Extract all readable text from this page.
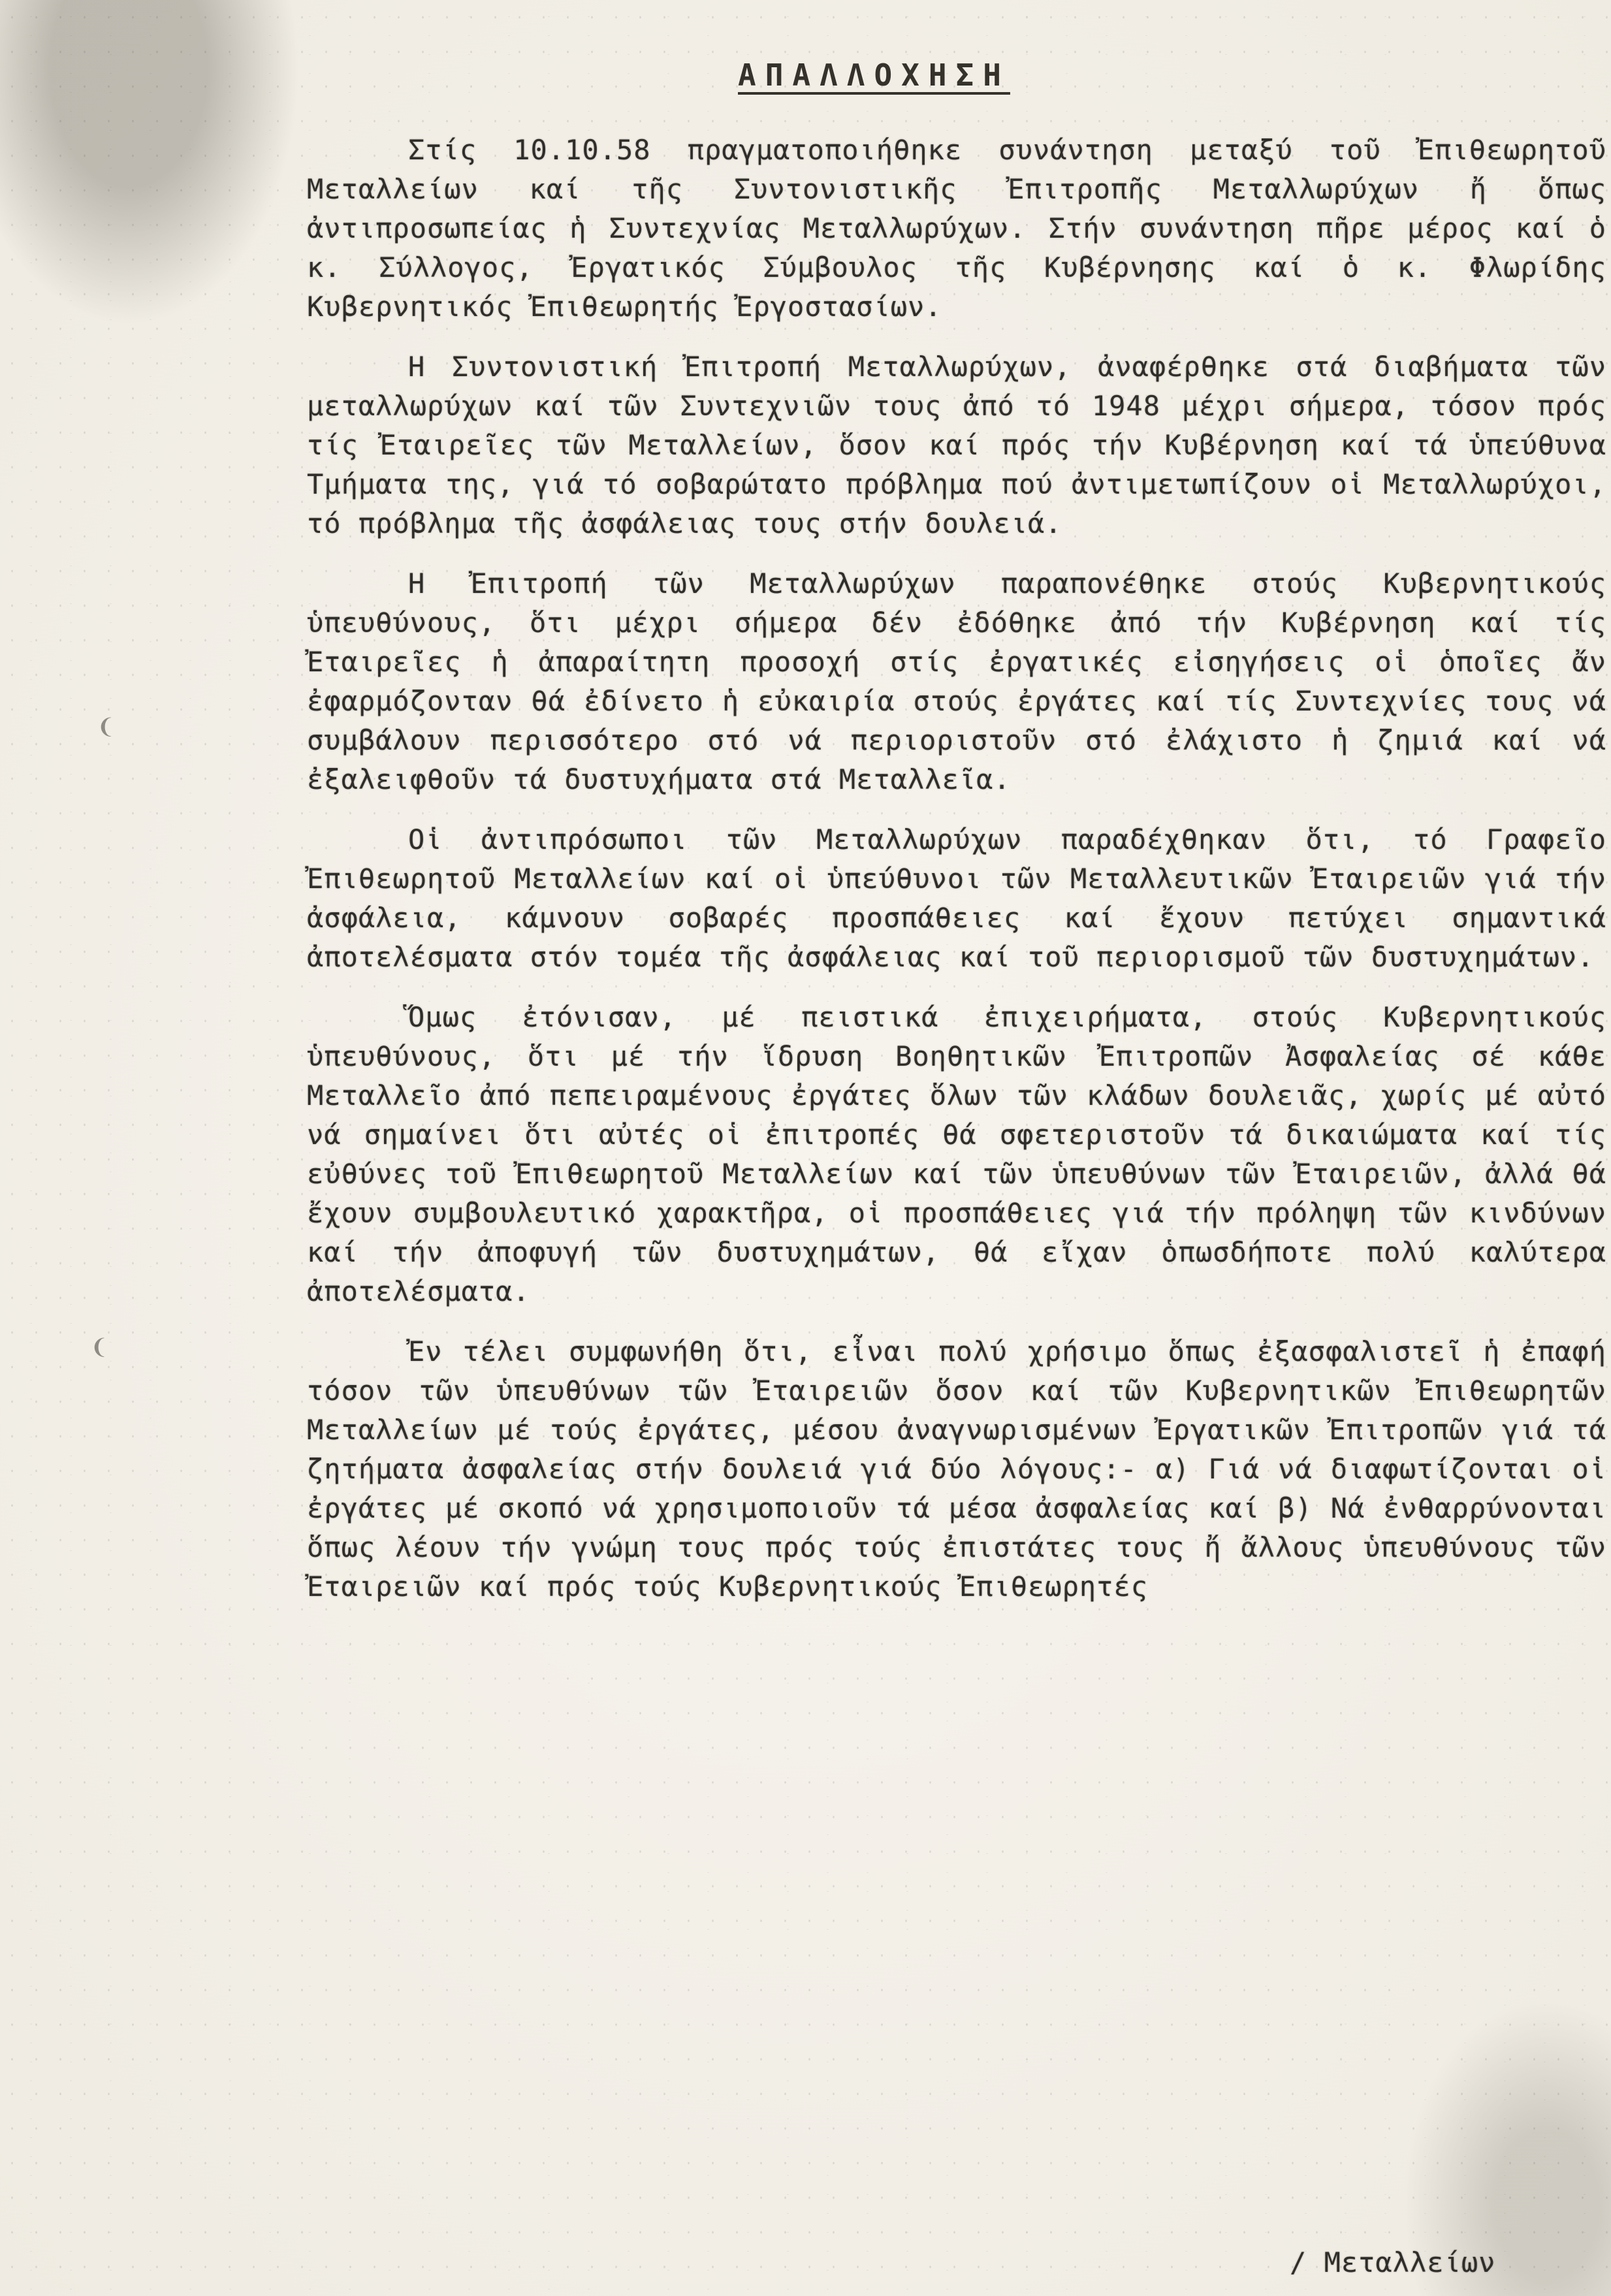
ΑΠΑΛΛΟΧΗΣΗ

Στίς 10.10.58 πραγματοποιήθηκε συνάντηση μεταξύ τοῦ Ἐπιθεωρητοῦ Μεταλλείων καί τῆς Συντονιστικῆς Ἐπιτροπῆς Μεταλλωρύχων ἤ ὅπως ἀντιπροσωπείας ἡ Συντεχνίας Μεταλλωρύχων. Στήν συνάντηση πῆρε μέρος καί ὁ κ. Σύλλογος, Ἐργατικός Σύμβουλος τῆς Κυβέρνησης καί ὁ κ. Φλωρίδης Κυβερνητικός Ἐπιθεωρητής Ἐργοστασίων.

Η Συντονιστική Ἐπιτροπή Μεταλλωρύχων, ἀναφέρθηκε στά διαβήματα τῶν μεταλλωρύχων καί τῶν Συντεχνιῶν τους ἀπό τό 1948 μέχρι σήμερα, τόσον πρός τίς Ἐταιρεῖες τῶν Μεταλλείων, ὅσον καί πρός τήν Κυβέρνηση καί τά ὑπεύθυνα Τμήματα της, γιά τό σοβαρώτατο πρόβλημα πού ἀντιμετωπίζουν οἱ Μεταλλωρύχοι, τό πρόβλημα τῆς ἀσφάλειας τους στήν δουλειά.

Η Ἐπιτροπή τῶν Μεταλλωρύχων παραπονέθηκε στούς Κυβερνητικούς ὑπευθύνους, ὅτι μέχρι σήμερα δέν ἐδόθηκε ἀπό τήν Κυβέρνηση καί τίς Ἐταιρεῖες ἡ ἀπαραίτητη προσοχή στίς ἐργατικές εἰσηγήσεις οἱ ὁποῖες ἄν ἐφαρμόζονταν θά ἐδίνετο ἡ εὐκαιρία στούς ἐργάτες καί τίς Συντεχνίες τους νά συμβάλουν περισσότερο στό νά περιοριστοῦν στό ἐλάχιστο ἡ ζημιά καί νά ἐξαλειφθοῦν τά δυστυχήματα στά Μεταλλεῖα.

Οἱ ἀντιπρόσωποι τῶν Μεταλλωρύχων παραδέχθηκαν ὅτι, τό Γραφεῖο Ἐπιθεωρητοῦ Μεταλλείων καί οἱ ὑπεύθυνοι τῶν Μεταλλευτικῶν Ἐταιρειῶν γιά τήν ἀσφάλεια, κάμνουν σοβαρές προσπάθειες καί ἔχουν πετύχει σημαντικά ἀποτελέσματα στόν τομέα τῆς ἀσφάλειας καί τοῦ περιορισμοῦ τῶν δυστυχημάτων.

Ὅμως ἐτόνισαν, μέ πειστικά ἐπιχειρήματα, στούς Κυβερνητικούς ὑπευθύνους, ὅτι μέ τήν ἵδρυση Βοηθητικῶν Ἐπιτροπῶν Ἀσφαλείας σέ κάθε Μεταλλεῖο ἀπό πεπειραμένους ἐργάτες ὅλων τῶν κλάδων δουλειᾶς, χωρίς μέ αὐτό νά σημαίνει ὅτι αὐτές οἱ ἐπιτροπές θά σφετεριστοῦν τά δικαιώματα καί τίς εὐθύνες τοῦ Ἐπιθεωρητοῦ Μεταλλείων καί τῶν ὑπευθύνων τῶν Ἐταιρειῶν, ἀλλά θά ἔχουν συμβουλευτικό χαρακτῆρα, οἱ προσπάθειες γιά τήν πρόληψη τῶν κινδύνων καί τήν ἀποφυγή τῶν δυστυχημάτων, θά εἴχαν ὁπωσδήποτε πολύ καλύτερα ἀποτελέσματα.

Ἐν τέλει συμφωνήθη ὅτι, εἶναι πολύ χρήσιμο ὅπως ἐξασφαλιστεῖ ἡ ἐπαφή τόσον τῶν ὑπευθύνων τῶν Ἐταιρειῶν ὅσον καί τῶν Κυβερνητικῶν Ἐπιθεωρητῶν Μεταλλείων μέ τούς ἐργάτες, μέσου ἀναγνωρισμένων Ἐργατικῶν Ἐπιτροπῶν γιά τά ζητήματα ἀσφαλείας στήν δουλειά γιά δύο λόγους:- α) Γιά νά διαφωτίζονται οἱ ἐργάτες μέ σκοπό νά χρησιμοποιοῦν τά μέσα ἀσφαλείας καί β) Νά ἐνθαρρύνονται ὅπως λέουν τήν γνώμη τους πρός τούς ἐπιστάτες τους ἤ ἄλλους ὑπευθύνους τῶν Ἐταιρειῶν καί πρός τούς Κυβερνητικούς Ἐπιθεωρητές

/ Μεταλλείων
❨
❨
